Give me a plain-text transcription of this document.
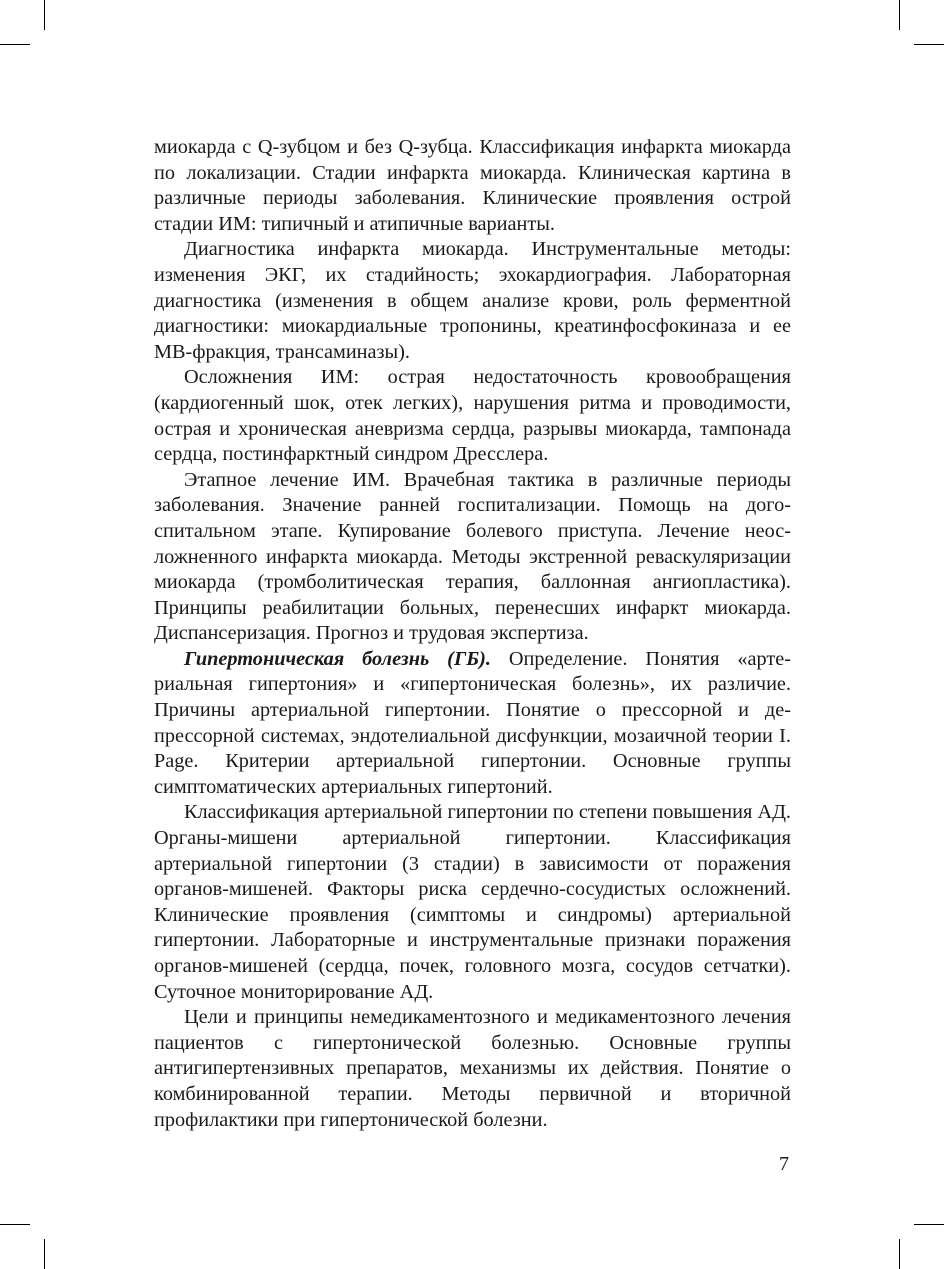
миокарда с Q-зубцом и без Q-зубца. Классификация инфаркта миокарда по локализации. Стадии инфаркта миокарда. Клиническая картина в различные периоды заболевания. Клинические проявления острой стадии ИМ: типичный и атипичные варианты.

Диагностика инфаркта миокарда. Инструментальные методы: изменения ЭКГ, их стадийность; эхокардиография. Лабораторная диагностика (изменения в общем анализе крови, роль ферментной диагностики: миокардиальные тропонины, креатинфосфокиназа и ее МВ-фракция, трансаминазы).

Осложнения ИМ: острая недостаточность кровообращения (кардиогенный шок, отек легких), нарушения ритма и проводимости, острая и хроническая аневризма сердца, разрывы миокарда, тампонада сердца, постинфарктный синдром Дресслера.

Этапное лечение ИМ. Врачебная тактика в различные периоды заболевания. Значение ранней госпитализации. Помощь на догоспитальном этапе. Купирование болевого приступа. Лечение неосложненного инфаркта миокарда. Методы экстренной реваскуляризации миокарда (тромболитическая терапия, баллонная ангиопластика). Принципы реабилитации больных, перенесших инфаркт миокарда. Диспансеризация. Прогноз и трудовая экспертиза.

Гипертоническая болезнь (ГБ). Определение. Понятия «артериальная гипертония» и «гипертоническая болезнь», их различие. Причины артериальной гипертонии. Понятие о прессорной и депрессорной системах, эндотелиальной дисфункции, мозаичной теории I. Page. Критерии артериальной гипертонии. Основные группы симптоматических артериальных гипертоний.

Классификация артериальной гипертонии по степени повышения АД. Органы-мишени артериальной гипертонии. Классификация артериальной гипертонии (3 стадии) в зависимости от поражения органов-мишеней. Факторы риска сердечно-сосудистых осложнений. Клинические проявления (симптомы и синдромы) артериальной гипертонии. Лабораторные и инструментальные признаки поражения органов-мишеней (сердца, почек, головного мозга, сосудов сетчатки). Суточное мониторирование АД.

Цели и принципы немедикаментозного и медикаментозного лечения пациентов с гипертонической болезнью. Основные группы антигипертензивных препаратов, механизмы их действия. Понятие о комбинированной терапии. Методы первичной и вторичной профилактики при гипертонической болезни.

7
